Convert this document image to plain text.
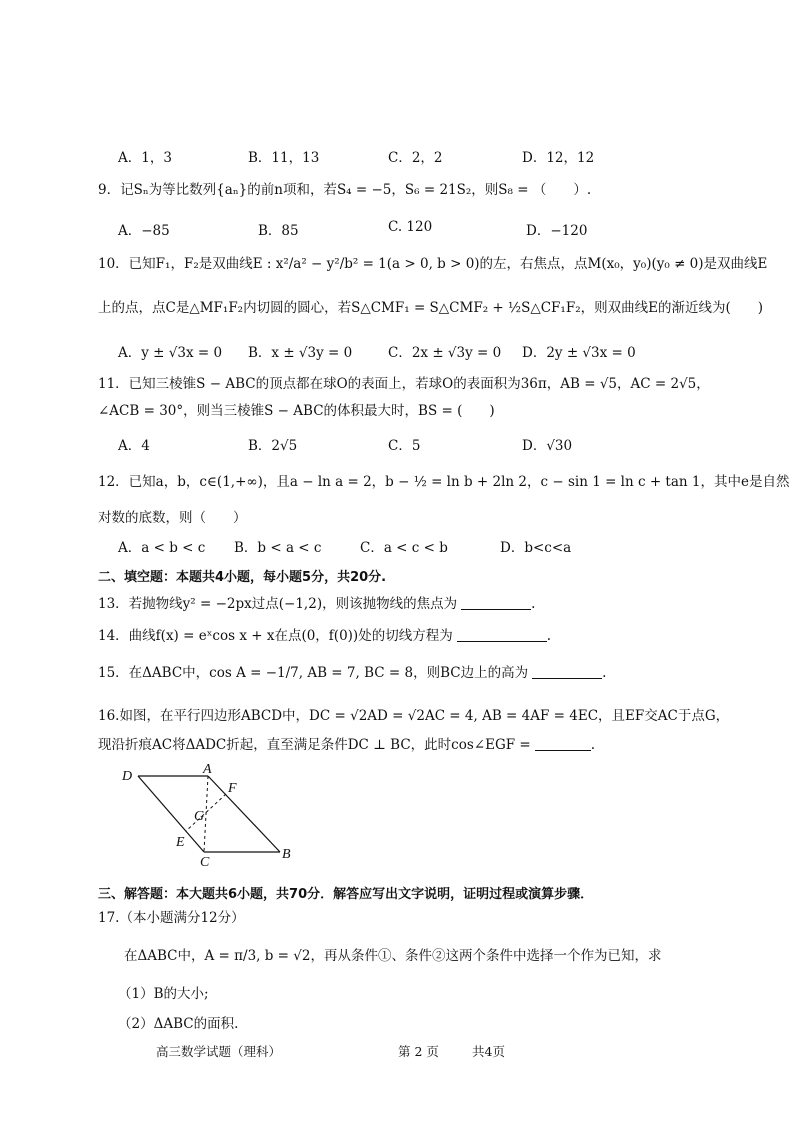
A．1，3	B．11，13	C．2，2	D．12，12
9．记Sₙ为等比数列{aₙ}的前n项和，若S₄ = −5，S₆ = 21S₂，则S₈ = （　　）.
A．−85	B．85	C. 120	D．−120
10．已知F₁，F₂是双曲线E : x²/a² − y²/b² = 1(a > 0, b > 0)的左，右焦点，点M(x₀，y₀)(y₀ ≠ 0)是双曲线E
上的点，点C是△MF₁F₂内切圆的圆心，若S△CMF₁ = S△CMF₂ + ½S△CF₁F₂，则双曲线E的渐近线为(　　)
A．y ± √3x = 0 B．x ± √3y = 0	C．2x ± √3y = 0 D．2y ± √3x = 0
11．已知三棱锥S − ABC的顶点都在球O的表面上，若球O的表面积为36π，AB = √5，AC = 2√5，
∠ACB = 30°，则当三棱锥S − ABC的体积最大时，BS = (　　)
A．4	B．2√5	C．5	D．√30
12．已知a，b，c∈(1,+∞)，且a − ln a = 2，b − ½ = ln b + 2ln 2，c − sin 1 = ln c + tan 1，其中e是自然
对数的底数，则（　　）
A．a < b < c B．b < a < c	C．a < c < b	D．b<c<a
二、填空题：本题共4小题，每小题5分，共20分.
13．若抛物线y² = −2px过点(−1,2)，则该抛物线的焦点为	.
14．曲线f(x) = eˣcos x + x在点(0，f(0))处的切线方程为	.
15．在ΔABC中，cos A = −1/7, AB = 7, BC = 8，则BC边上的高为	.
16.如图，在平行四边形ABCD中，DC = √2AD = √2AC = 4, AB = 4AF = 4EC，且EF交AC于点G，
现沿折痕AC将ΔADC折起，直至满足条件DC ⊥ BC，此时cos∠EGF =	.
D	A
F
G
E
C
B
三、解答题：本大题共6小题，共70分．解答应写出文字说明，证明过程或演算步骤．
17.（本小题满分12分）
在ΔABC中，A = π/3, b = √2，再从条件①、条件②这两个条件中选择一个作为已知，求
（1）B的大小;
（2）ΔABC的面积.
高三数学试题（理科）	第 2 页	共4页
